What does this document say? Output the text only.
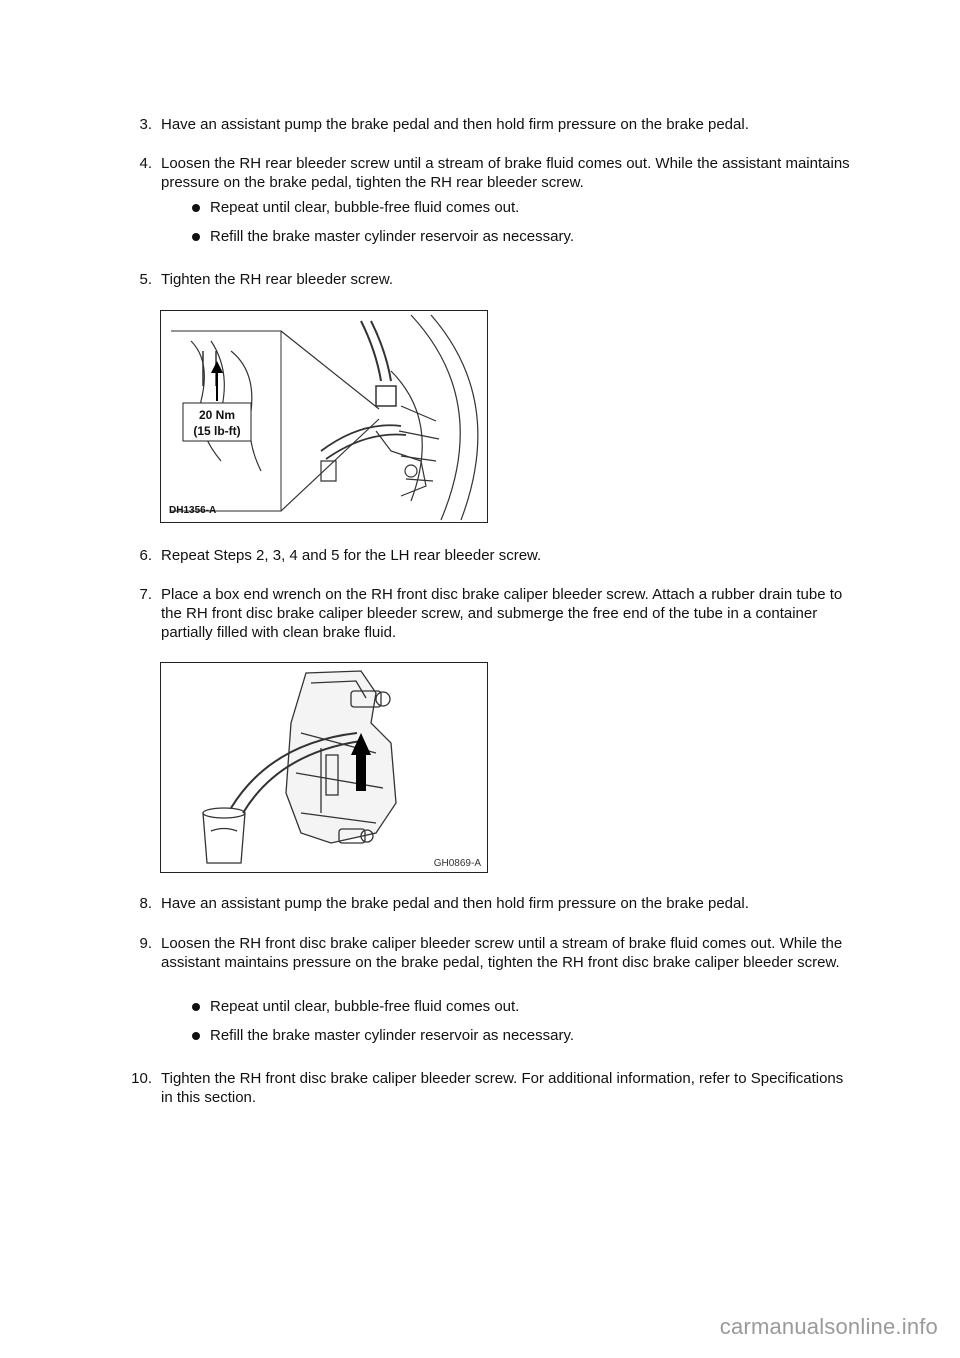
3. Have an assistant pump the brake pedal and then hold firm pressure on the brake pedal.
4. Loosen the RH rear bleeder screw until a stream of brake fluid comes out. While the assistant maintains pressure on the brake pedal, tighten the RH rear bleeder screw.
Repeat until clear, bubble-free fluid comes out.
Refill the brake master cylinder reservoir as necessary.
5. Tighten the RH rear bleeder screw.
20 Nm
(15 lb-ft)
DH1356-A
6. Repeat Steps 2, 3, 4 and 5 for the LH rear bleeder screw.
7. Place a box end wrench on the RH front disc brake caliper bleeder screw. Attach a rubber drain tube to the RH front disc brake caliper bleeder screw, and submerge the free end of the tube in a container partially filled with clean brake fluid.
GH0869-A
8. Have an assistant pump the brake pedal and then hold firm pressure on the brake pedal.
9. Loosen the RH front disc brake caliper bleeder screw until a stream of brake fluid comes out. While the assistant maintains pressure on the brake pedal, tighten the RH front disc brake caliper bleeder screw.
Repeat until clear, bubble-free fluid comes out.
Refill the brake master cylinder reservoir as necessary.
10. Tighten the RH front disc brake caliper bleeder screw. For additional information, refer to Specifications in this section.
carmanualsonline.info
